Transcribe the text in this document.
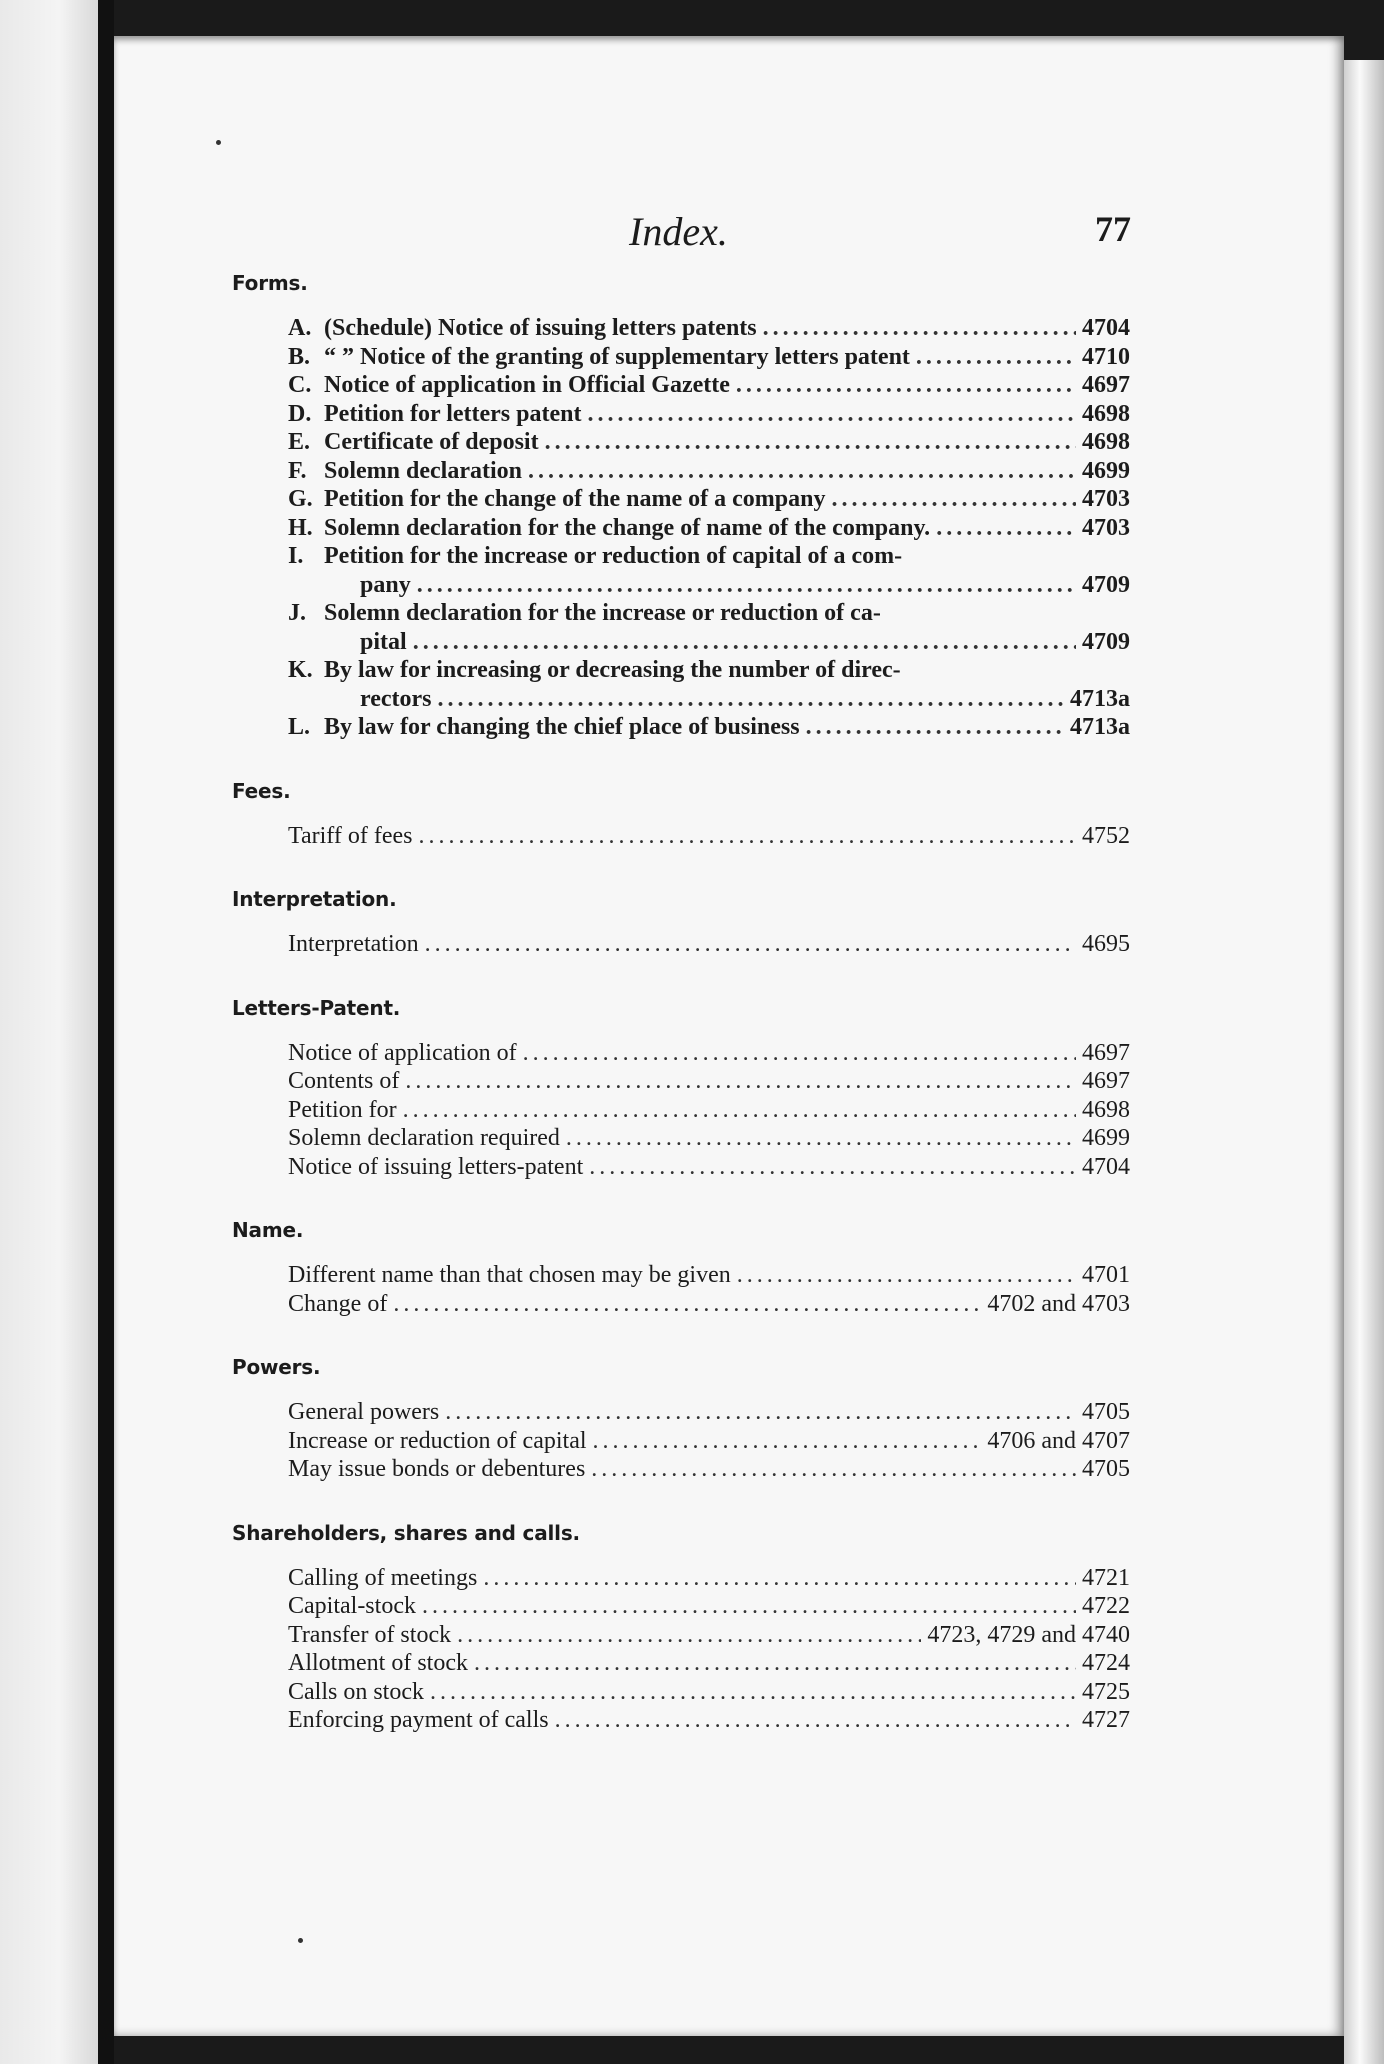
Index.	77
Forms.
A. (Schedule) Notice of issuing letters patents .....	4704
B. “ ” Notice of the granting of supplementary letters patent .....	4710
C. Notice of application in Official Gazette .....	4697
D. Petition for letters patent .....	4698
E. Certificate of deposit .....	4698
F. Solemn declaration .....	4699
G. Petition for the change of the name of a company .....	4703
H. Solemn declaration for the change of name of the company. .....	4703
I. Petition for the increase or reduction of capital of a com-
pany .....	4709
J. Solemn declaration for the increase or reduction of ca-
pital .....	4709
K. By law for increasing or decreasing the number of direc-
rectors .....	4713a
L. By law for changing the chief place of business .....	4713a
Fees.
Tariff of fees .....	4752
Interpretation.
Interpretation .....	4695
Letters-Patent.
Notice of application of .....	4697
Contents of .....	4697
Petition for .....	4698
Solemn declaration required .....	4699
Notice of issuing letters-patent .....	4704
Name.
Different name than that chosen may be given .....	4701
Change of .....	4702 and 4703
Powers.
General powers .....	4705
Increase or reduction of capital .....	4706 and 4707
May issue bonds or debentures .....	4705
Shareholders, shares and calls.
Calling of meetings .....	4721
Capital-stock .....	4722
Transfer of stock .....	4723, 4729 and 4740
Allotment of stock .....	4724
Calls on stock .....	4725
Enforcing payment of calls .....	4727
